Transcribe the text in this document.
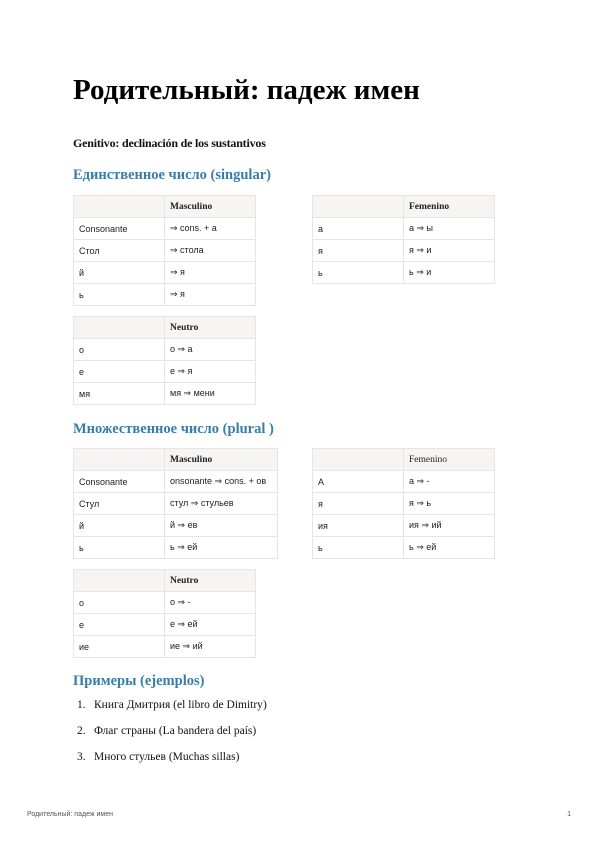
Родительный: падеж имен

Genitivo: declinación de los sustantivos

Единственное число (singular)
	Masculino
Consonante	⇒ cons. + a
Стол	⇒ стола
й	⇒ я
ь	⇒ я
	Femenino
а	а ⇒ ы
я	я ⇒ и
ь	ь ⇒ и
	Neutro
о	о ⇒ а
е	е ⇒ я
мя	мя ⇒ мени
Множественное число (plural )
	Masculino
Consonante	onsonante ⇒ cons. + ов
Стул	стул ⇒ стульев
й	й ⇒ ев
ь	ь ⇒ ей
	Femenino
А	а ⇒ -
я	я ⇒ ь
ия	ия ⇒ ий
ь	ь ⇒ ей
	Neutro
о	о ⇒ -
е	е ⇒ ей
ие	ие ⇒ ий
Примеры (ejemplos)
1. Книга Дмитрия (el libro de Dimitry)
2. Флаг страны (La bandera del país)
3. Много стульев (Muchas sillas)
Родительный: падеж имен	1
